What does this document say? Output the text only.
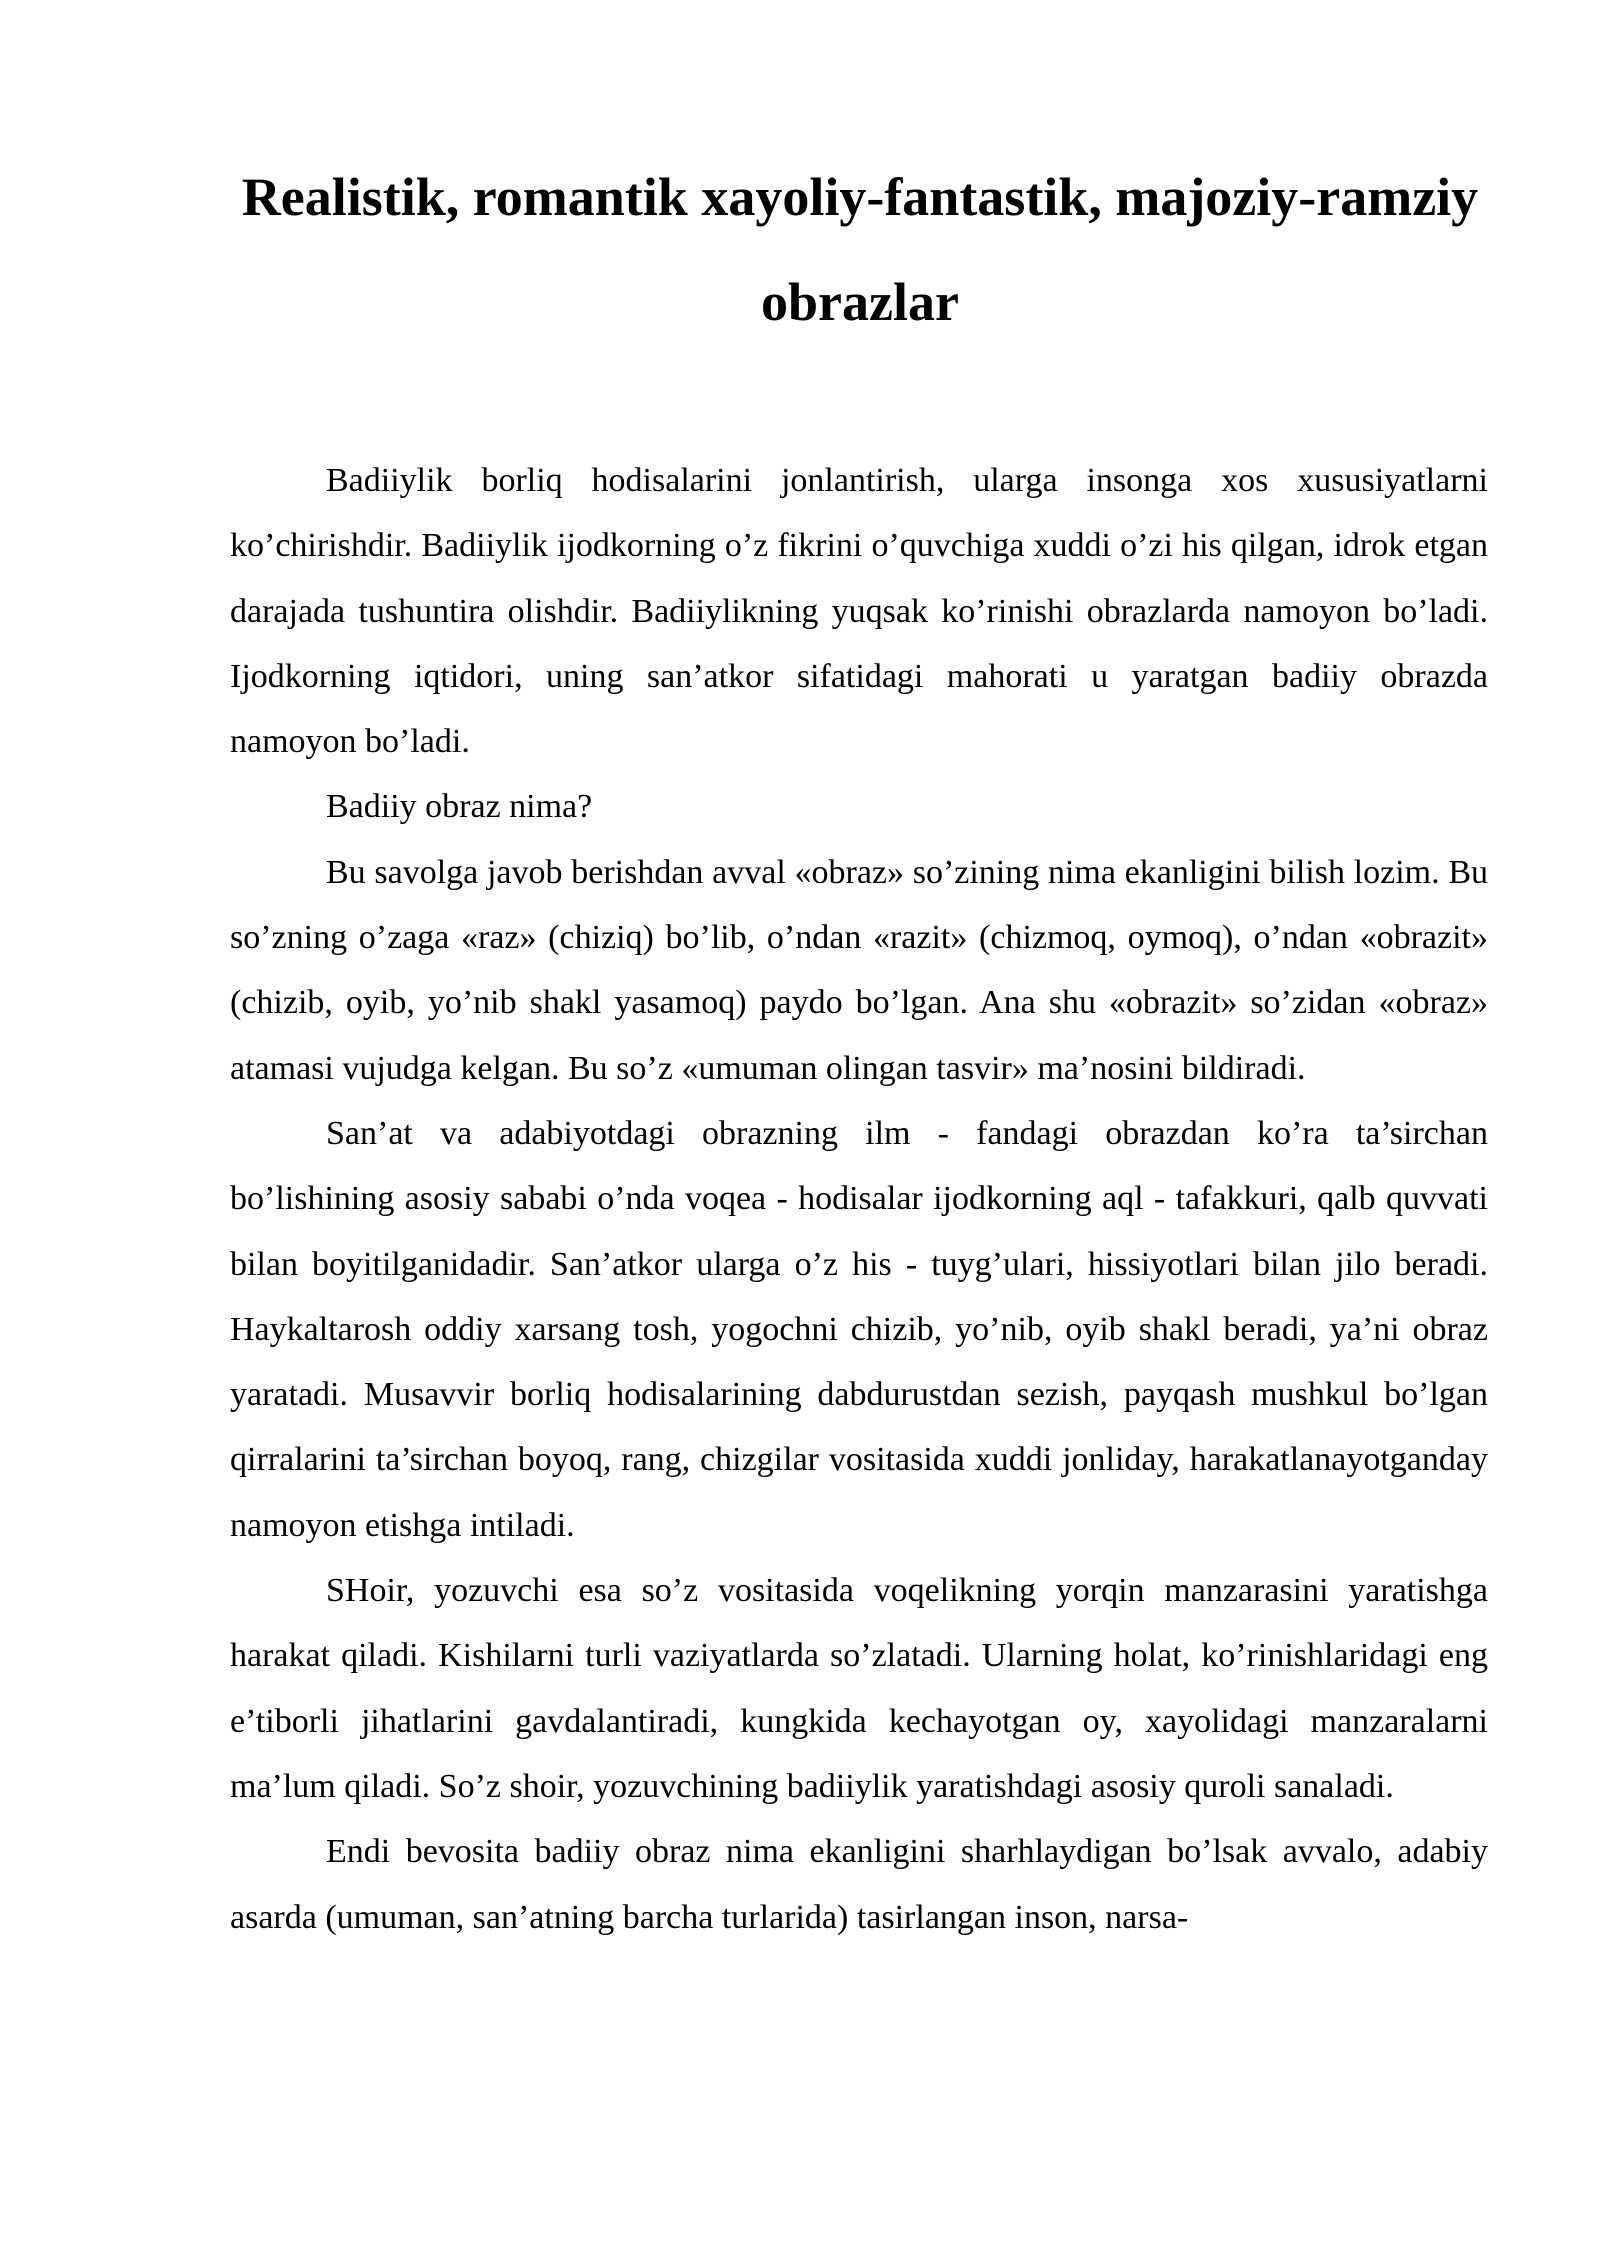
Realistik, romantik xayoliy-fantastik, majoziy-ramziy obrazlar

Badiiylik borliq hodisalarini jonlantirish, ularga insonga xos xususiyatlarni ko’chirishdir. Badiiylik ijodkorning o’z fikrini o’quvchiga xuddi o’zi his qilgan, idrok etgan darajada tushuntira olishdir. Badiiylikning yuqsak ko’rinishi obrazlarda namoyon bo’ladi. Ijodkorning iqtidori, uning san’atkor sifatidagi mahorati u yaratgan badiiy obrazda namoyon bo’ladi.

Badiiy obraz nima?

Bu savolga javob berishdan avval «obraz» so’zining nima ekanligini bilish lozim. Bu so’zning o’zaga «raz» (chiziq) bo’lib, o’ndan «razit» (chizmoq, oymoq), o’ndan «obrazit» (chizib, oyib, yo’nib shakl yasamoq) paydo bo’lgan. Ana shu «obrazit» so’zidan «obraz» atamasi vujudga kelgan. Bu so’z «umuman olingan tasvir» ma’nosini bildiradi.

San’at va adabiyotdagi obrazning ilm - fandagi obrazdan ko’ra ta’sirchan bo’lishining asosiy sababi o’nda voqea - hodisalar ijodkorning aql - tafakkuri, qalb quvvati bilan boyitilganidadir. San’atkor ularga o’z his - tuyg’ulari, hissiyotlari bilan jilo beradi. Haykaltarosh oddiy xarsang tosh, yogochni chizib, yo’nib, oyib shakl beradi, ya’ni obraz yaratadi. Musavvir borliq hodisalarining dabdurustdan sezish, payqash mushkul bo’lgan qirralarini ta’sirchan boyoq, rang, chizgilar vositasida xuddi jonliday, harakatlanayotganday namoyon etishga intiladi.

SHoir, yozuvchi esa so’z vositasida voqelikning yorqin manzarasini yaratishga harakat qiladi. Kishilarni turli vaziyatlarda so’zlatadi. Ularning holat, ko’rinishlaridagi eng e’tiborli jihatlarini gavdalantiradi, kungkida kechayotgan oy, xayolidagi manzaralarni ma’lum qiladi. So’z shoir, yozuvchining badiiylik yaratishdagi asosiy quroli sanaladi.

Endi bevosita badiiy obraz nima ekanligini sharhlaydigan bo’lsak avvalo, adabiy asarda (umuman, san’atning barcha turlarida) tasirlangan inson, narsa-
